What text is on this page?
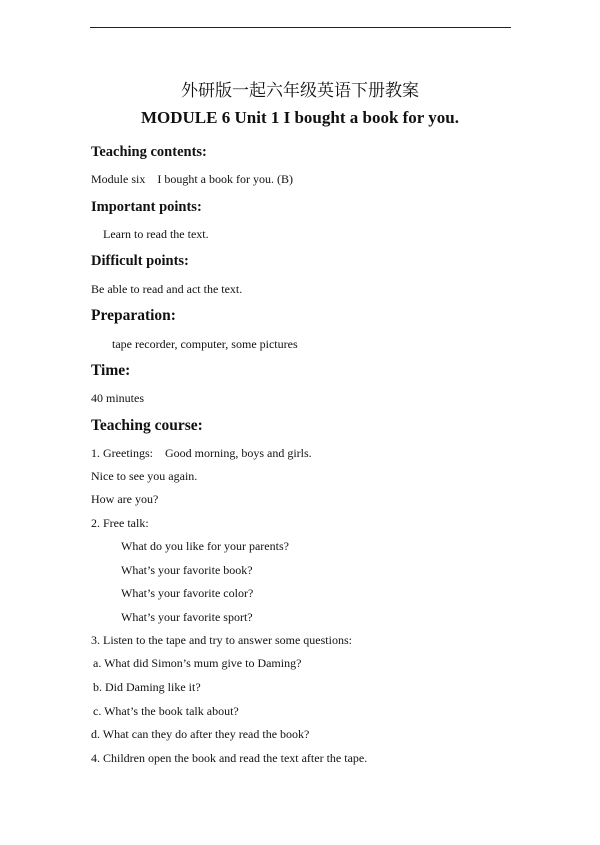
外研版一起六年级英语下册教案
MODULE 6 Unit 1 I bought a book for you.
Teaching contents:
Module six    I bought a book for you. (B)
Important points:
Learn to read the text.
Difficult points:
Be able to read and act the text.
Preparation:
tape recorder, computer, some pictures
Time:
40 minutes
Teaching course:
1. Greetings:    Good morning, boys and girls.
Nice to see you again.
How are you?
2. Free talk:
What do you like for your parents?
What’s your favorite book?
What’s your favorite color?
What’s your favorite sport?
3. Listen to the tape and try to answer some questions:
a. What did Simon’s mum give to Daming?
b. Did Daming like it?
c. What’s the book talk about?
d. What can they do after they read the book?
4. Children open the book and read the text after the tape.
